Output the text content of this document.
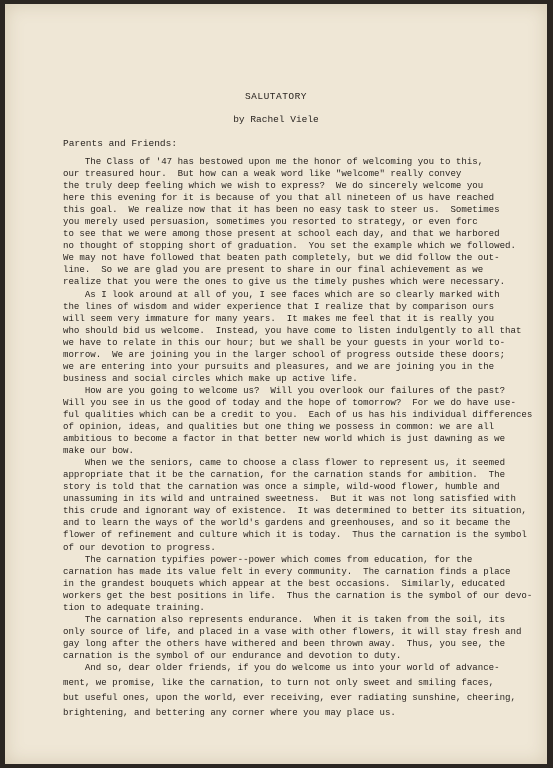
SALUTATORY
by Rachel Viele
Parents and Friends:
The Class of '47 has bestowed upon me the honor of welcoming you to this,
our treasured hour.  But how can a weak word like "welcome" really convey
the truly deep feeling which we wish to express?  We do sincerely welcome you
here this evening for it is because of you that all nineteen of us have reached
this goal.  We realize now that it has been no easy task to steer us.  Sometimes
you merely used persuasion, sometimes you resorted to strategy, or even forc
to see that we were among those present at school each day, and that we harbored
no thought of stopping short of graduation.  You set the example which we followed.
We may not have followed that beaten path completely, but we did follow the out-
line.  So we are glad you are present to share in our final achievement as we
realize that you were the ones to give us the timely pushes which were necessary.
As I look around at all of you, I see faces which are so clearly marked with
the lines of wisdom and wider experience that I realize that by comparison ours
will seem very immature for many years.  It makes me feel that it is really you
who should bid us welcome.  Instead, you have come to listen indulgently to all that
we have to relate in this our hour; but we shall be your guests in your world to-
morrow.  We are joining you in the larger school of progress outside these doors;
we are entering into your pursuits and pleasures, and we are joining you in the
business and social circles which make up active life.
How are you going to welcome us?  Will you overlook our failures of the past?
Will you see in us the good of today and the hope of tomorrow?  For we do have use-
ful qualities which can be a credit to you.  Each of us has his individual differences
of opinion, ideas, and qualities but one thing we possess in common: we are all
ambitious to become a factor in that better new world which is just dawning as we
make our bow.
When we the seniors, came to choose a class flower to represent us, it seemed
appropriate that it be the carnation, for the carnation stands for ambition.  The
story is told that the carnation was once a simple, wild-wood flower, humble and
unassuming in its wild and untrained sweetness.  But it was not long satisfied with
this crude and ignorant way of existence.  It was determined to better its situation,
and to learn the ways of the world's gardens and greenhouses, and so it became the
flower of refinement and culture which it is today.  Thus the carnation is the symbol
of our devotion to progress.
The carnation typifies power--power which comes from education, for the
carnation has made its value felt in every community.  The carnation finds a place
in the grandest bouquets which appear at the best occasions.  Similarly, educated
workers get the best positions in life.  Thus the carnation is the symbol of our devo-
tion to adequate training.
The carnation also represents endurance.  When it is taken from the soil, its
only source of life, and placed in a vase with other flowers, it will stay fresh and
gay long after the others have withered and been thrown away.  Thus, you see, the
carnation is the symbol of our endurance and devotion to duty.
And so, dear older friends, if you do welcome us into your world of advance-
ment, we promise, like the carnation, to turn not only sweet and smiling faces,
but useful ones, upon the world, ever receiving, ever radiating sunshine, cheering,
brightening, and bettering any corner where you may place us.
